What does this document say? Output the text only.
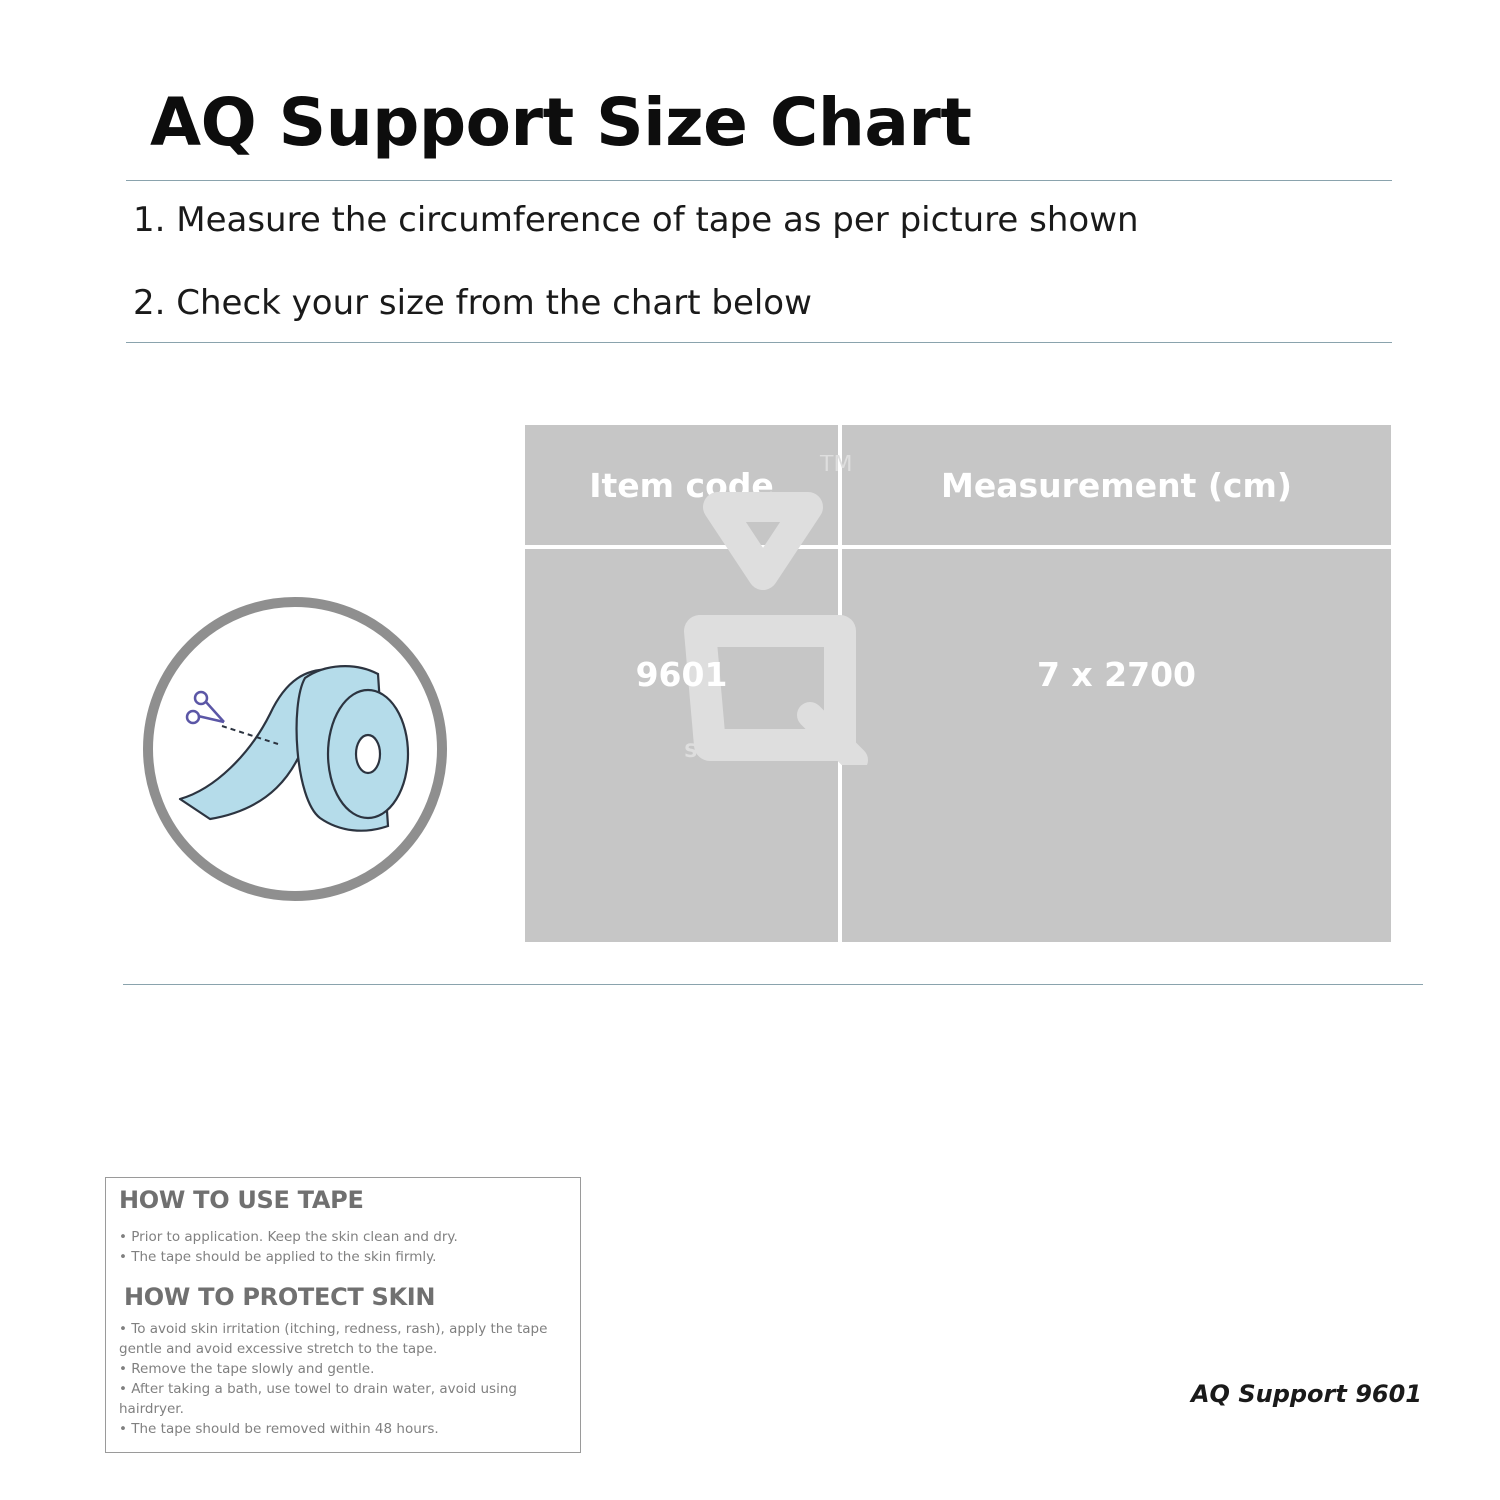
AQ Support Size Chart
1. Measure the circumference of tape as per picture shown
2. Check your size from the chart below
Item code	Measurement (cm)
9601	7 x 2700
TM
SUPPORT
HOW TO USE TAPE
• Prior to application. Keep the skin clean and dry.
• The tape should be applied to the skin firmly.
HOW TO PROTECT SKIN
• To avoid skin irritation (itching, redness, rash), apply the tape gentle and avoid excessive stretch to the tape.
• Remove the tape slowly and gentle.
• After taking a bath, use towel to drain water, avoid using hairdryer.
• The tape should be removed within 48 hours.
AQ Support 9601
